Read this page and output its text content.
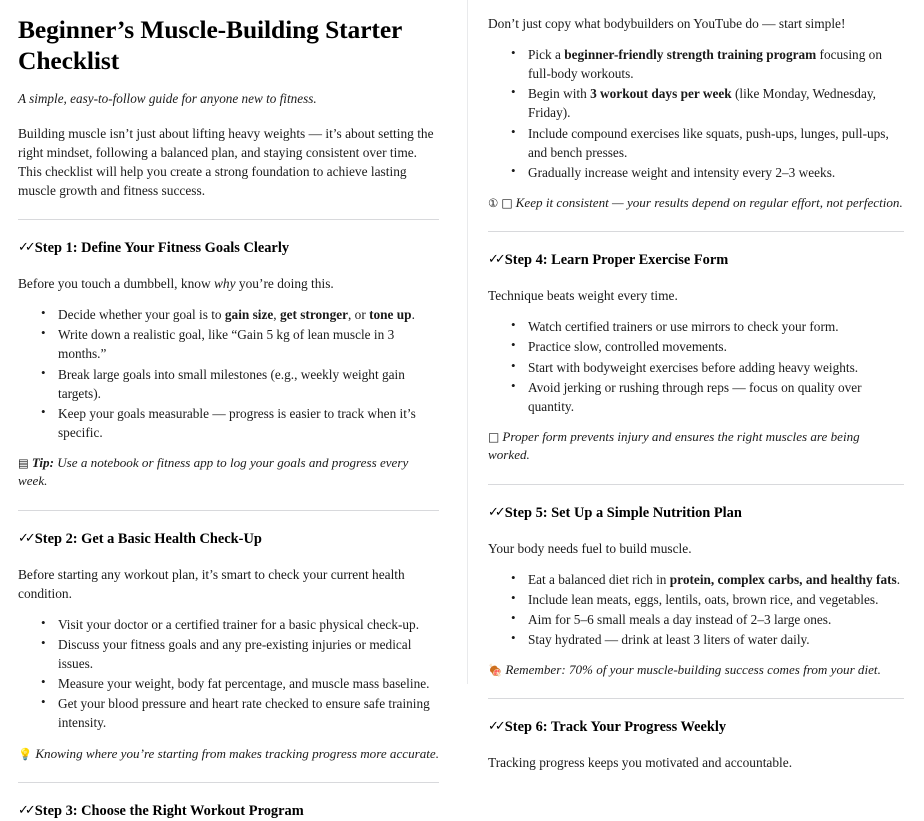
Beginner’s Muscle-Building Starter Checklist
A simple, easy-to-follow guide for anyone new to fitness.

Building muscle isn’t just about lifting heavy weights — it’s about setting the right mindset, following a balanced plan, and staying consistent over time. This checklist will help you create a strong foundation to achieve lasting muscle growth and fitness success.

✓✓ Step 1: Define Your Fitness Goals Clearly

Before you touch a dumbbell, know why you’re doing this.

• Decide whether your goal is to gain size, get stronger, or tone up.
• Write down a realistic goal, like “Gain 5 kg of lean muscle in 3 months.”
• Break large goals into small milestones (e.g., weekly weight gain targets).
• Keep your goals measurable — progress is easier to track when it’s specific.

▤ Tip: Use a notebook or fitness app to log your goals and progress every week.

✓✓ Step 2: Get a Basic Health Check-Up

Before starting any workout plan, it’s smart to check your current health condition.

• Visit your doctor or a certified trainer for a basic physical check-up.
• Discuss your fitness goals and any pre-existing injuries or medical issues.
• Measure your weight, body fat percentage, and muscle mass baseline.
• Get your blood pressure and heart rate checked to ensure safe training intensity.

💡 Knowing where you’re starting from makes tracking progress more accurate.

✓✓ Step 3: Choose the Right Workout Program

Don’t just copy what bodybuilders on YouTube do — start simple!

• Pick a beginner-friendly strength training program focusing on full-body workouts.
• Begin with 3 workout days per week (like Monday, Wednesday, Friday).
• Include compound exercises like squats, push-ups, lunges, pull-ups, and bench presses.
• Gradually increase weight and intensity every 2–3 weeks.

① □ Keep it consistent — your results depend on regular effort, not perfection.

✓✓ Step 4: Learn Proper Exercise Form

Technique beats weight every time.

• Watch certified trainers or use mirrors to check your form.
• Practice slow, controlled movements.
• Start with bodyweight exercises before adding heavy weights.
• Avoid jerking or rushing through reps — focus on quality over quantity.

□ Proper form prevents injury and ensures the right muscles are being worked.

✓✓ Step 5: Set Up a Simple Nutrition Plan

Your body needs fuel to build muscle.

• Eat a balanced diet rich in protein, complex carbs, and healthy fats.
• Include lean meats, eggs, lentils, oats, brown rice, and vegetables.
• Aim for 5–6 small meals a day instead of 2–3 large ones.
• Stay hydrated — drink at least 3 liters of water daily.

🍖 Remember: 70% of your muscle-building success comes from your diet.

✓✓ Step 6: Track Your Progress Weekly

Tracking progress keeps you motivated and accountable.
